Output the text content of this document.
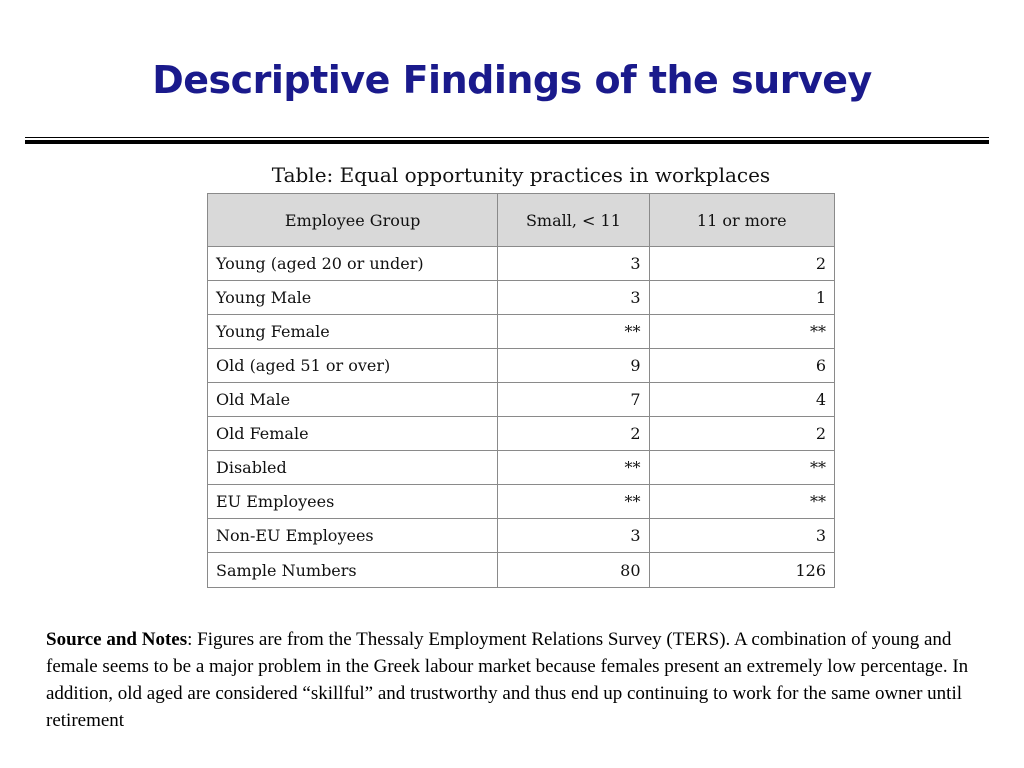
Descriptive Findings of the survey
Table: Equal opportunity practices in workplaces
Employee Group	Small, < 11	11 or more
Young (aged 20 or under)	3	2
Young Male	3	1
Young Female	**	**
Old (aged 51 or over)	9	6
Old Male	7	4
Old Female	2	2
Disabled	**	**
EU Employees	**	**
Non-EU Employees	3	3
Sample Numbers	80	126
Source and Notes: Figures are from the Thessaly Employment Relations Survey (TERS). A combination of young and female seems to be a major problem in the Greek labour market because females present an extremely low percentage. In addition, old aged are considered “skillful” and trustworthy and thus end up continuing to work for the same owner until retirement
